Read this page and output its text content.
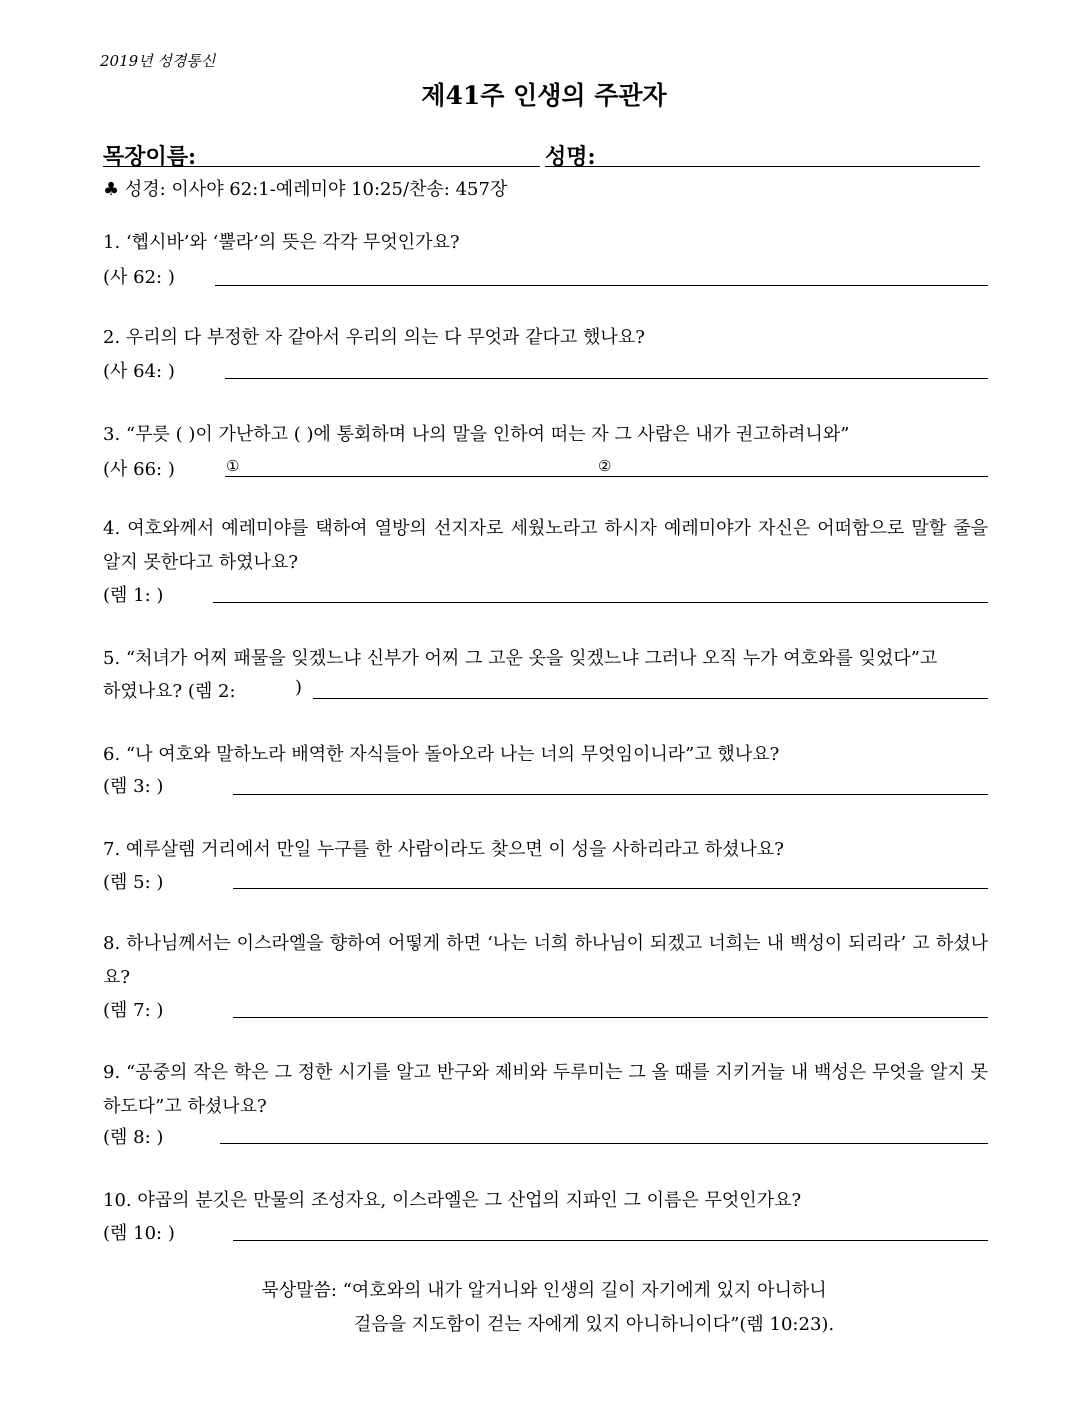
2019년 성경통신
제41주 인생의 주관자
목장이름:	성명:
♣ 성경: 이사야 62:1-예레미야 10:25/찬송: 457장
1. ‘헵시바’와 ‘뿔라’의 뜻은 각각 무엇인가요?
(사 62: )
2. 우리의 다 부정한 자 같아서 우리의 의는 다 무엇과 같다고 했나요?
(사 64: )
3. “무릇 ( )이 가난하고 ( )에 통회하며 나의 말을 인하여 떠는 자 그 사람은 내가 권고하려니와”
(사 66: )	①	②
4. 여호와께서 예레미야를 택하여 열방의 선지자로 세웠노라고 하시자 예레미야가 자신은 어떠함으로 말할 줄을 알지 못한다고 하였나요?
(렘 1: )
5. “처녀가 어찌 패물을 잊겠느냐 신부가 어찌 그 고운 옷을 잊겠느냐 그러나 오직 누가 여호와를 잊었다”고
하였나요? (렘 2:	)
6. “나 여호와 말하노라 배역한 자식들아 돌아오라 나는 너의 무엇임이니라”고 했나요?
(렘 3: )
7. 예루살렘 거리에서 만일 누구를 한 사람이라도 찾으면 이 성을 사하리라고 하셨나요?
(렘 5: )
8. 하나님께서는 이스라엘을 향하여 어떻게 하면 ‘나는 너희 하나님이 되겠고 너희는 내 백성이 되리라’ 고 하셨나요?
(렘 7: )
9. “공중의 작은 학은 그 정한 시기를 알고 반구와 제비와 두루미는 그 올 때를 지키거늘 내 백성은 무엇을 알지 못하도다”고 하셨나요?
(렘 8: )
10. 야곱의 분깃은 만물의 조성자요, 이스라엘은 그 산업의 지파인 그 이름은 무엇인가요?
(렘 10: )
묵상말씀: “여호와의 내가 알거니와 인생의 길이 자기에게 있지 아니하니
걸음을 지도함이 걷는 자에게 있지 아니하니이다”(렘 10:23).
